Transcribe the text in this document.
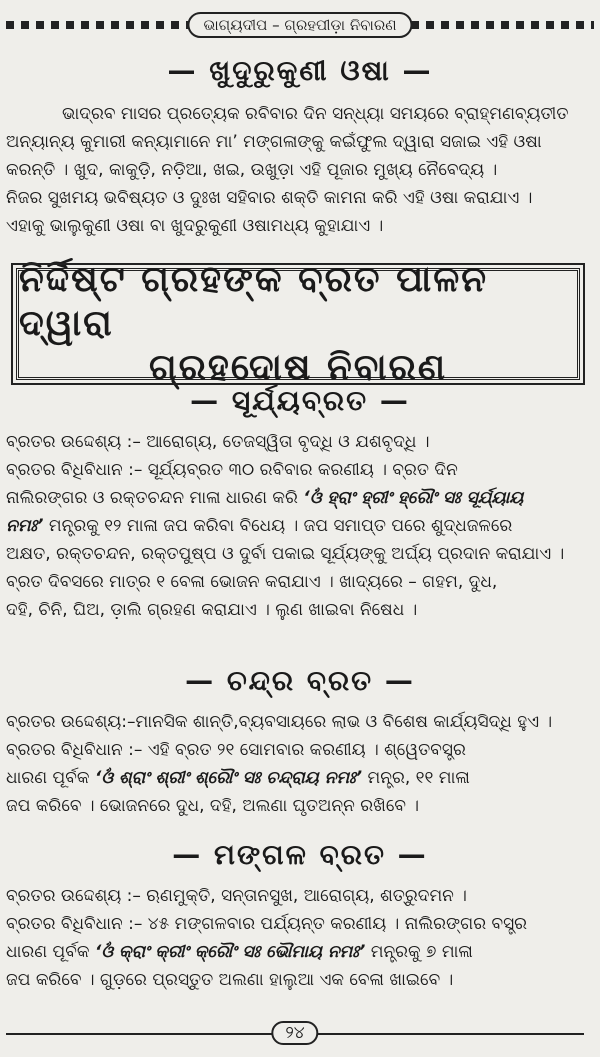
ଭାଗ୍ୟଦୀପ – ଗ୍ରହପୀଡ଼ା ନିବାରଣ
— ଖୁଦୁରୁକୁଣୀ ଓଷା —

ଭାଦ୍ରବ ମାସର ପ୍ରତ୍ୟେକ ରବିବାର ଦିନ ସନ୍ଧ୍ୟା ସମୟରେ ବ୍ରାହ୍ମଣବ୍ୟତୀତ

ଅନ୍ୟାନ୍ୟ କୁମାରୀ କନ୍ୟାମାନେ ମା’ ମଙ୍ଗଳାଙ୍କୁ କଇଁଫୁଲ ଦ୍ୱାରା ସଜାଇ ଏହି ଓଷା

କରନ୍ତି । ଖୁଦ, କାକୁଡ଼ି, ନଡ଼ିଆ, ଖଇ, ଉଖୁଡ଼ା ଏହି ପୂଜାର ମୁଖ୍ୟ ନୈବେଦ୍ୟ ।

ନିଜର ସୁଖମୟ ଭବିଷ୍ୟତ ଓ ଦୁଃଖ ସହିବାର ଶକ୍ତି କାମନା କରି ଏହି ଓଷା କରାଯାଏ ।

ଏହାକୁ ଭାଲୁକୁଣୀ ଓଷା ବା ଖୁଦରୁକୁଣୀ ଓଷାମଧ୍ୟ କୁହାଯାଏ ।

ନିର୍ଦ୍ଦିଷ୍ଟ ଗ୍ରହଙ୍କ ବ୍ରତ ପାଳନ ଦ୍ୱାରା
ଗ୍ରହଦୋଷ ନିବାରଣ
— ସୂର୍ଯ୍ୟବ୍ରତ —

ବ୍ରତର ଉଦ୍ଦେଶ୍ୟ :– ଆରୋଗ୍ୟ, ତେଜସ୍ୱିତା ବୃଦ୍ଧି ଓ ଯଶବୃଦ୍ଧି ।

ବ୍ରତର ବିଧିବିଧାନ :– ସୂର୍ଯ୍ୟବ୍ରତ ୩୦ ରବିବାର କରଣୀୟ । ବ୍ରତ ଦିନ

ନାଲିରଙ୍ଗର ଓ ରକ୍ତଚନ୍ଦନ ମାଳା ଧାରଣ କରି ‘ଓଁ ହ୍ରାଂ ହ୍ରୀଂ ହ୍ରୌଂ ସଃ ସୂର୍ଯ୍ୟାୟ

ନମଃ’ ମନ୍ତ୍ରକୁ ୧୨ ମାଳା ଜପ କରିବା ବିଧେୟ । ଜପ ସମାପ୍ତ ପରେ ଶୁଦ୍ଧଜଳରେ

ଅକ୍ଷତ, ରକ୍ତଚନ୍ଦନ, ରକ୍ତପୁଷ୍ପ ଓ ଦୁର୍ବା ପକାଇ ସୂର୍ଯ୍ୟଙ୍କୁ ଅର୍ଘ୍ୟ ପ୍ରଦାନ କରାଯାଏ ।

ବ୍ରତ ଦିବସରେ ମାତ୍ର ୧ ବେଳା ଭୋଜନ କରାଯାଏ । ଖାଦ୍ୟରେ – ଗହମ, ଦୁଧ,

ଦହି, ଚିନି, ଘିଅ, ଡ଼ାଲି ଗ୍ରହଣ କରାଯାଏ । ଲୁଣ ଖାଇବା ନିଷେଧ ।

— ଚନ୍ଦ୍ର ବ୍ରତ —

ବ୍ରତର ଉଦ୍ଦେଶ୍ୟ:–ମାନସିକ ଶାନ୍ତି,ବ୍ୟବସାୟରେ ଲାଭ ଓ ବିଶେଷ କାର୍ଯ୍ୟସିଦ୍ଧି ହୁଏ ।

ବ୍ରତର ବିଧିବିଧାନ :– ଏହି ବ୍ରତ ୨୧ ସୋମବାର କରଣୀୟ । ଶ୍ୱେତବସ୍ତ୍ର

ଧାରଣ ପୂର୍ବକ ‘ଓଁ ଶ୍ରାଂ ଶ୍ରୀଂ ଶ୍ରୌଂ ସଃ ଚନ୍ଦ୍ରାୟ ନମଃ’ ମନ୍ତ୍ର, ୧୧ ମାଳା

ଜପ କରିବେ । ଭୋଜନରେ ଦୁଧ, ଦହି, ଅଲଣା ଘୃତଅନ୍ନ ରଖିବେ ।

— ମଙ୍ଗଳ ବ୍ରତ —

ବ୍ରତର ଉଦ୍ଦେଶ୍ୟ :– ଋଣମୁକ୍ତି, ସନ୍ତାନସୁଖ, ଆରୋଗ୍ୟ, ଶତ୍ରୁଦମନ ।

ବ୍ରତର ବିଧିବିଧାନ :– ୪୫ ମଙ୍ଗଳବାର ପର୍ଯ୍ୟନ୍ତ କରଣୀୟ । ନାଲିରଙ୍ଗର ବସ୍ତ୍ର

ଧାରଣ ପୂର୍ବକ ‘ଓଁ କ୍ରାଂ କ୍ରୀଂ କ୍ରୌଂ ସଃ ଭୌମାୟ ନମଃ’ ମନ୍ତ୍ରକୁ ୭ ମାଳା

ଜପ କରିବେ । ଗୁଡ଼ରେ ପ୍ରସ୍ତୁତ ଅଲଣା ହାଲୁଆ ଏକ ବେଳା ଖାଇବେ ।

୨୪
